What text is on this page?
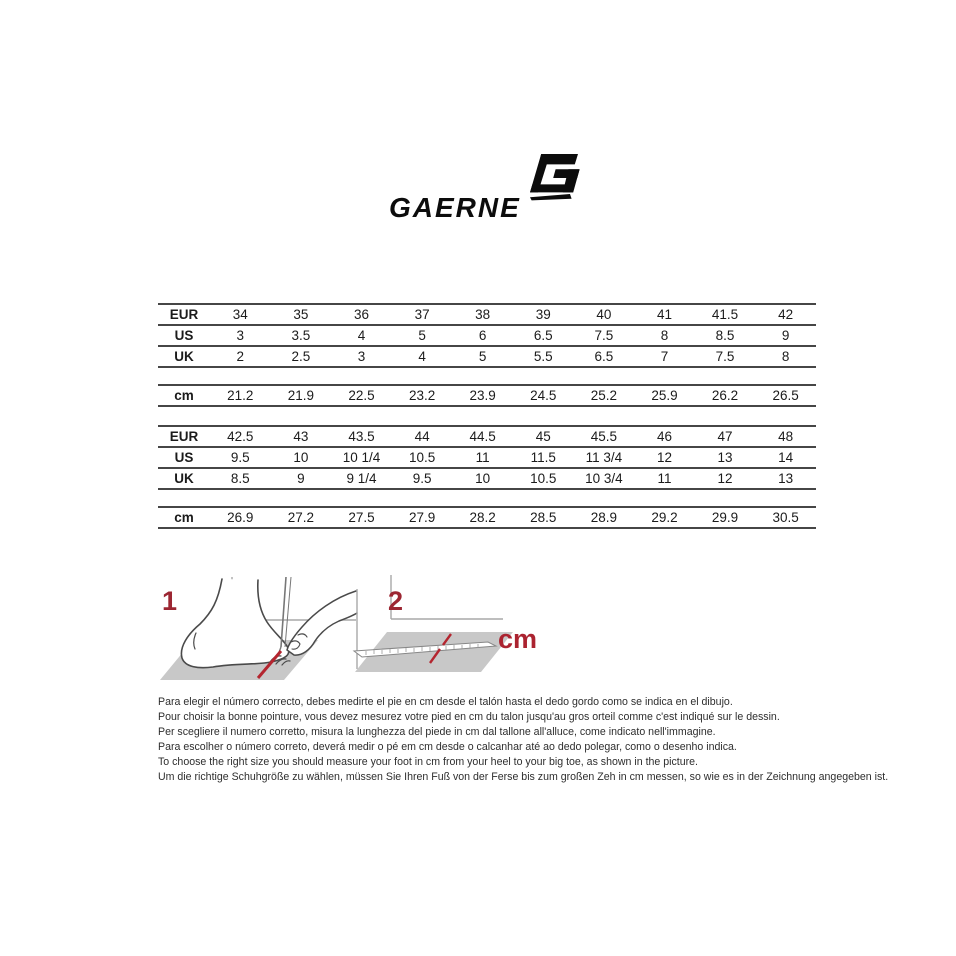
GAERNE
EUR	34	35	36	37	38	39	40	41	41.5	42
US	3	3.5	4	5	6	6.5	7.5	8	8.5	9
UK	2	2.5	3	4	5	5.5	6.5	7	7.5	8
cm	21.2	21.9	22.5	23.2	23.9	24.5	25.2	25.9	26.2	26.5
EUR	42.5	43	43.5	44	44.5	45	45.5	46	47	48
US	9.5	10	10 1/4	10.5	11	11.5	11 3/4	12	13	14
UK	8.5	9	9 1/4	9.5	10	10.5	10 3/4	11	12	13
cm	26.9	27.2	27.5	27.9	28.2	28.5	28.9	29.2	29.9	30.5
1	2
cm
Para elegir el número correcto, debes medirte el pie en cm desde el talón hasta el dedo gordo como se indica en el dibujo.
Pour choisir la bonne pointure, vous devez mesurez votre pied en cm du talon jusqu'au gros orteil comme c'est indiqué sur le dessin.
Per scegliere il numero corretto, misura la lunghezza del piede in cm dal tallone all'alluce, come indicato nell'immagine.
Para escolher o número correto, deverá medir o pé em cm desde o calcanhar até ao dedo polegar, como o desenho indica.
To choose the right size you should measure your foot in cm from your heel to your big toe, as shown in the picture.
Um die richtige Schuhgröße zu wählen, müssen Sie Ihren Fuß von der Ferse bis zum großen Zeh in cm messen, so wie es in der Zeichnung angegeben ist.
